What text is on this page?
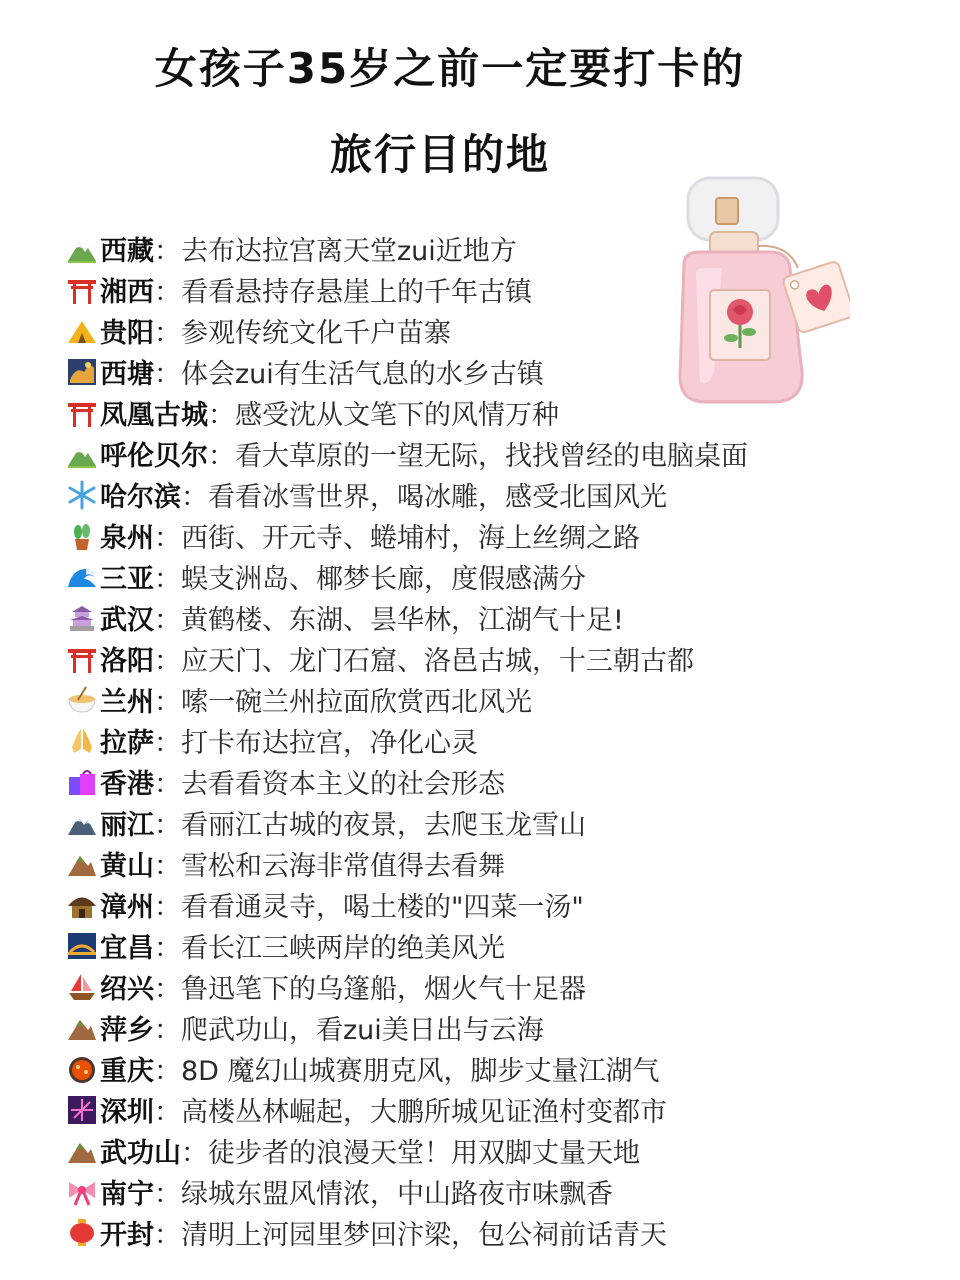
女孩子35岁之前一定要打卡的
旅行目的地
西藏 ： 去布达拉宫离天堂zui近地方
湘西 ： 看看悬持存悬崖上的千年古镇
贵阳 ： 参观传统文化千户苗寨
西塘 ： 体会zui有生活气息的水乡古镇
凤凰古城 ： 感受沈从文笔下的风情万种
呼伦贝尔 ： 看大草原的一望无际，找找曾经的电脑桌面
哈尔滨 ： 看看冰雪世界，喝冰雕，感受北国风光
泉州 ： 西街、开元寺、蜷埔村，海上丝绸之路
三亚 ： 蜈支洲岛、椰梦长廊，度假感满分
武汉 ： 黄鹤楼、东湖、昙华林，江湖气十足!
洛阳 ： 应天门、龙门石窟、洛邑古城，十三朝古都
兰州 ： 嗦一碗兰州拉面欣赏西北风光
拉萨 ： 打卡布达拉宫，净化心灵
香港 ： 去看看资本主义的社会形态
丽江 ： 看丽江古城的夜景，去爬玉龙雪山
黄山 ： 雪松和云海非常值得去看舞
漳州 ： 看看通灵寺，喝土楼的"四菜一汤"
宜昌 ： 看长江三峡两岸的绝美风光
绍兴 ： 鲁迅笔下的乌篷船，烟火气十足器
萍乡 ： 爬武功山，看zui美日出与云海
重庆 ： 8D 魔幻山城赛朋克风，脚步丈量江湖气
深圳 ： 高楼丛林崛起，大鹏所城见证渔村变都市
武功山 ： 徒步者的浪漫天堂！用双脚丈量天地
南宁 ： 绿城东盟风情浓，中山路夜市味飘香
开封 ： 清明上河园里梦回汴梁，包公祠前话青天
